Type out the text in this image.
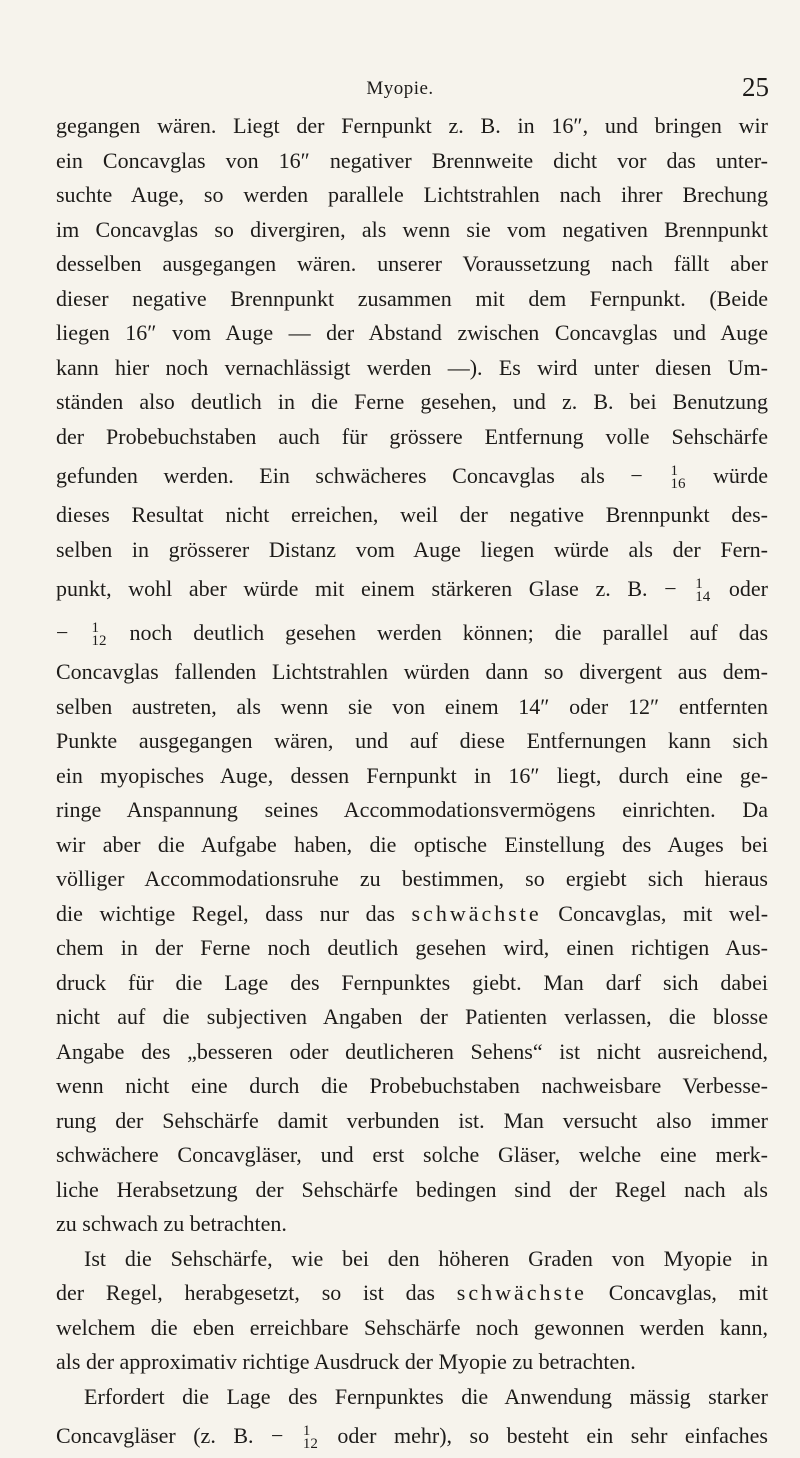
Myopie.	25
gegangen wären. Liegt der Fernpunkt z. B. in 16″, und bringen wir
ein Concavglas von 16″ negativer Brennweite dicht vor das unter-
suchte Auge, so werden parallele Lichtstrahlen nach ihrer Brechung
im Concavglas so divergiren, als wenn sie vom negativen Brennpunkt
desselben ausgegangen wären. unserer Voraussetzung nach fällt aber
dieser negative Brennpunkt zusammen mit dem Fernpunkt. (Beide
liegen 16″ vom Auge — der Abstand zwischen Concavglas und Auge
kann hier noch vernachlässigt werden —). Es wird unter diesen Um-
ständen also deutlich in die Ferne gesehen, und z. B. bei Benutzung
der Probebuchstaben auch für grössere Entfernung volle Sehschärfe
gefunden werden. Ein schwächeres Concavglas als − 1
16 würde
dieses Resultat nicht erreichen, weil der negative Brennpunkt des-
selben in grösserer Distanz vom Auge liegen würde als der Fern-
punkt, wohl aber würde mit einem stärkeren Glase z. B. − 1
14 oder
− 1
12 noch deutlich gesehen werden können; die parallel auf das
Concavglas fallenden Lichtstrahlen würden dann so divergent aus dem-
selben austreten, als wenn sie von einem 14″ oder 12″ entfernten
Punkte ausgegangen wären, und auf diese Entfernungen kann sich
ein myopisches Auge, dessen Fernpunkt in 16″ liegt, durch eine ge-
ringe Anspannung seines Accommodationsvermögens einrichten. Da
wir aber die Aufgabe haben, die optische Einstellung des Auges bei
völliger Accommodationsruhe zu bestimmen, so ergiebt sich hieraus
die wichtige Regel, dass nur das schwächste Concavglas, mit wel-
chem in der Ferne noch deutlich gesehen wird, einen richtigen Aus-
druck für die Lage des Fernpunktes giebt. Man darf sich dabei
nicht auf die subjectiven Angaben der Patienten verlassen, die blosse
Angabe des „besseren oder deutlicheren Sehens“ ist nicht ausreichend,
wenn nicht eine durch die Probebuchstaben nachweisbare Verbesse-
rung der Sehschärfe damit verbunden ist. Man versucht also immer
schwächere Concavgläser, und erst solche Gläser, welche eine merk-
liche Herabsetzung der Sehschärfe bedingen sind der Regel nach als
zu schwach zu betrachten.
Ist die Sehschärfe, wie bei den höheren Graden von Myopie in
der Regel, herabgesetzt, so ist das schwächste Concavglas, mit
welchem die eben erreichbare Sehschärfe noch gewonnen werden kann,
als der approximativ richtige Ausdruck der Myopie zu betrachten.
Erfordert die Lage des Fernpunktes die Anwendung mässig starker
Concavgläser (z. B. − 1
12 oder mehr), so besteht ein sehr einfaches
